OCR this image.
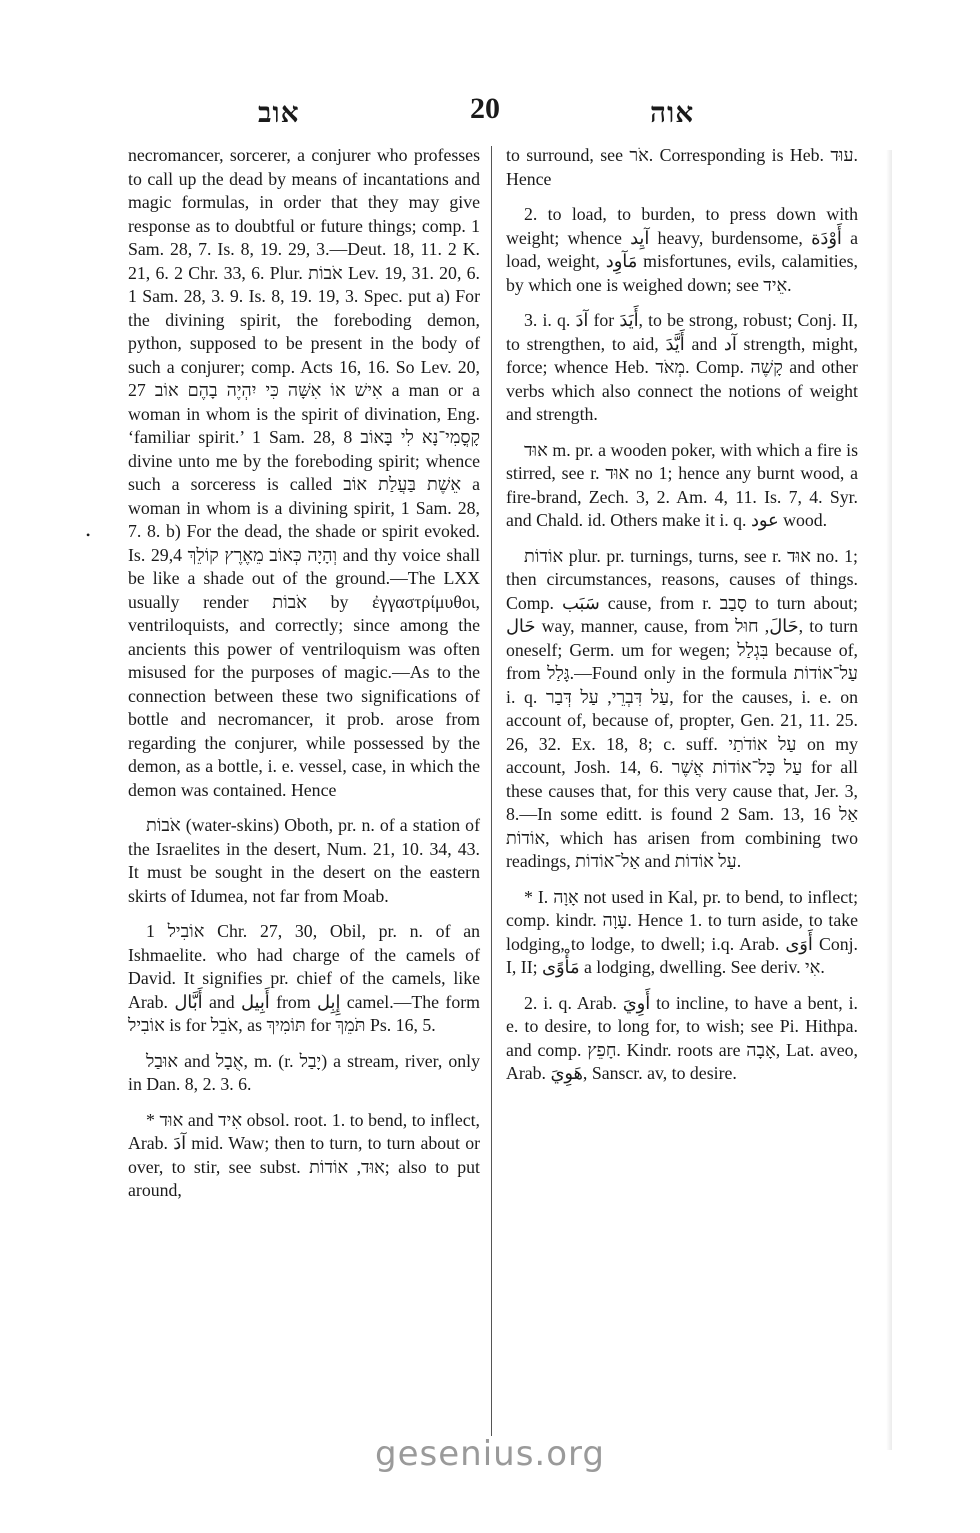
אוב	20	אוה
•

necromancer, sorcerer, a conjurer who professes to call up the dead by means of incantations and magic formulas, in order that they may give response as to doubtful or future things; comp. 1 Sam. 28, 7. Is. 8, 19. 29, 3.—Deut. 18, 11. 2 K. 21, 6. 2 Chr. 33, 6. Plur. אֹבוֹת Lev. 19, 31. 20, 6. 1 Sam. 28, 3. 9. Is. 8, 19. 19, 3. Spec. put a) For the divining spirit, the foreboding demon, python, supposed to be present in the body of such a conjurer; comp. Acts 16, 16. So Lev. 20, 27 אִישׁ אוֹ אִשָּׁה כִּי יִהְיֶה בָהֶם אוֹב a man or a woman in whom is the spirit of divination, Eng. ‘familiar spirit.’ 1 Sam. 28, 8 קָסֳמִי־נָא לִי בָּאוֹב divine unto me by the foreboding spirit; whence such a sorceress is called אֵשֶׁת בַּעֲלַת אוֹב a woman in whom is a divining spirit, 1 Sam. 28, 7. 8. b) For the dead, the shade or spirit evoked. Is. 29,4 וְהָיָה כְּאוֹב מֵאֶרֶץ קוֹלֵךְ and thy voice shall be like a shade out of the ground.—The LXX usually render אֹבוֹת by ἐγγαστρίμυθοι, ventriloquists, and correctly; since among the ancients this power of ventriloquism was often misused for the purposes of magic.—As to the connection between these two significations of bottle and necromancer, it prob. arose from regarding the conjurer, while possessed by the demon, as a bottle, i. e. vessel, case, in which the demon was contained. Hence

אֹבוֹת (water-skins) Oboth, pr. n. of a station of the Israelites in the desert, Num. 21, 10. 34, 43. It must be sought in the desert on the eastern skirts of Idumea, not far from Moab.

אוֹבִיל 1 Chr. 27, 30, Obil, pr. n. of an Ishmaelite. who had charge of the camels of David. It signifies pr. chief of the camels, like Arab. أَبَّال and أَبِيل from إِبِل camel.—The form אוֹבִיל is for אֹבֵל, as תּוֹמִיךְ for תֹּמֵךְ Ps. 16, 5.

אוּבַל and אֻבָל, m. (r. יָבַל) a stream, river, only in Dan. 8, 2. 3. 6.

* אוּד and אִיד obsol. root. 1. to bend, to inflect, Arab. آدَ mid. Waw; then to turn, to turn about or over, to stir, see subst. אוּד, אוֹדוֹת; also to put around,

to surround, see אֹר. Corresponding is Heb. עוּד. Hence

2. to load, to burden, to press down with weight; whence آيِد heavy, burdensome, أَوْدَة a load, weight, مَآوِد misfortunes, evils, calamities, by which one is weighed down; see אֵיד.

3. i. q. آدَ for أَيَدَ, to be strong, robust; Conj. II, to strengthen, to aid, أَيَّدَ and آد strength, might, force; whence Heb. מְאֹד. Comp. קָשֶׁה and other verbs which also connect the notions of weight and strength.

אוּד m. pr. a wooden poker, with which a fire is stirred, see r. אוּד no 1; hence any burnt wood, a fire-brand, Zech. 3, 2. Am. 4, 11. Is. 7, 4. Syr. and Chald. id. Others make it i. q. عود wood.

אוֹדוֹת plur. pr. turnings, turns, see r. אוּד no. 1; then circumstances, reasons, causes of things. Comp. سَبَب cause, from r. סָבַב to turn about; حَال way, manner, cause, from حَالَ, חוּל, to turn oneself; Germ. um for wegen; בִּגְלַל because of, from גָּלַל.—Found only in the formula עַל־אוֹדוֹת i. q. עַל דִּבְרֵי, עַל דְּבַר, for the causes, i. e. on account of, because of, propter, Gen. 21, 11. 25. 26, 32. Ex. 18, 8; c. suff. עַל אוֹדֹתַי on my account, Josh. 14, 6. עַל כָּל־אוֹדוֹת אֲשֶׁר for all these causes that, for this very cause that, Jer. 3, 8.—In some editt. is found 2 Sam. 13, 16 אַל אוֹדוֹת, which has arisen from combining two readings, אַל־אוֹדוֹת and עַל אוֹדוֹת.

* I. אָוָה not used in Kal, pr. to bend, to inflect; comp. kindr. עָוָה. Hence 1. to turn aside, to take lodging, to lodge, to dwell; i.q. Arab. أَوَى Conj. I, II; مَأْوًى a lodging, dwelling. See deriv. אִי.

2. i. q. Arab. أَوِيَ to incline, to have a bent, i. e. to desire, to long for, to wish; see Pi. Hithpa. and comp. חָפֵץ. Kindr. roots are אָבָה, Lat. aveo, Arab. هَوِيَ, Sanscr. av, to desire.

gesenius.org
